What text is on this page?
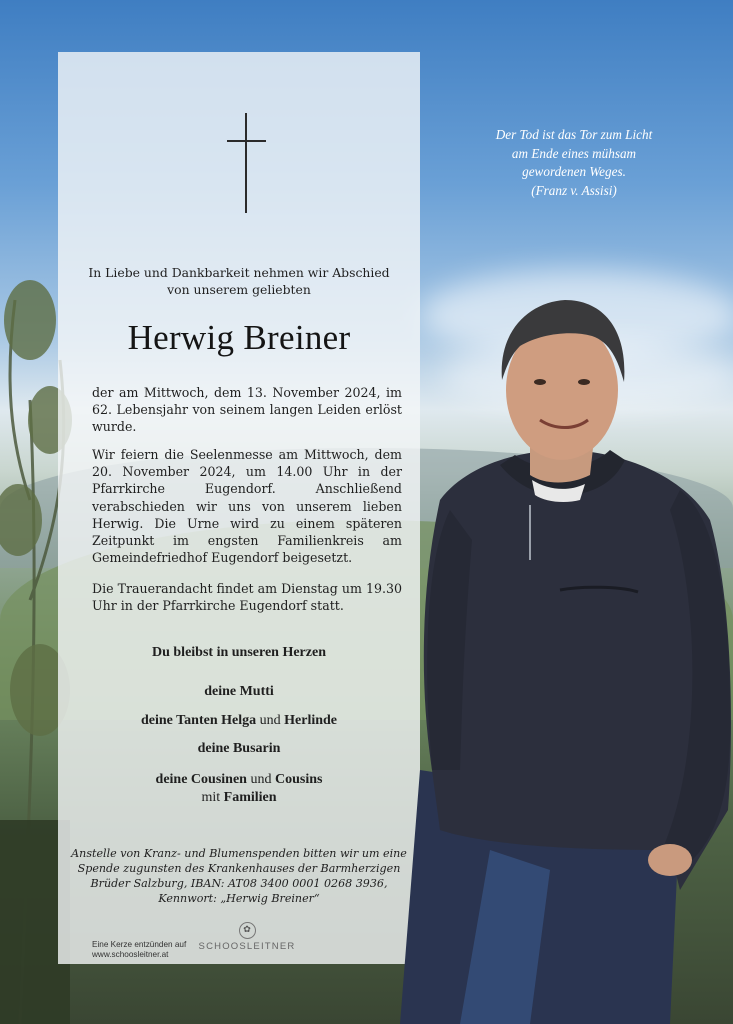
In Liebe und Dankbarkeit nehmen wir Abschied
von unserem geliebten
Herwig Breiner

der am Mittwoch, dem 13. November 2024, im 62. Lebensjahr von seinem langen Leiden erlöst wurde.

Wir feiern die Seelenmesse am Mittwoch, dem 20. November 2024, um 14.00 Uhr in der Pfarrkirche Eugendorf. Anschließend verabschieden wir uns von unserem lieben Herwig. Die Urne wird zu einem späteren Zeitpunkt im engsten Familienkreis am Gemeindefriedhof Eugendorf beigesetzt.

Die Trauerandacht findet am Dienstag um 19.30 Uhr in der Pfarrkirche Eugendorf statt.

Du bleibst in unseren Herzen
deine Mutti
deine Tanten Helga und Herlinde
deine Busarin
deine Cousinen und Cousins
mit Familien
Anstelle von Kranz- und Blumenspenden bitten wir um eine
Spende zugunsten des Krankenhauses der Barmherzigen
Brüder Salzburg, IBAN: AT08 3400 0001 0268 3936,
Kennwort: „Herwig Breiner“
Eine Kerze entzünden auf
www.schoosleitner.at
✿
SCHOOSLEITNER
Der Tod ist das Tor zum Licht
am Ende eines mühsam
gewordenen Weges.
(Franz v. Assisi)
